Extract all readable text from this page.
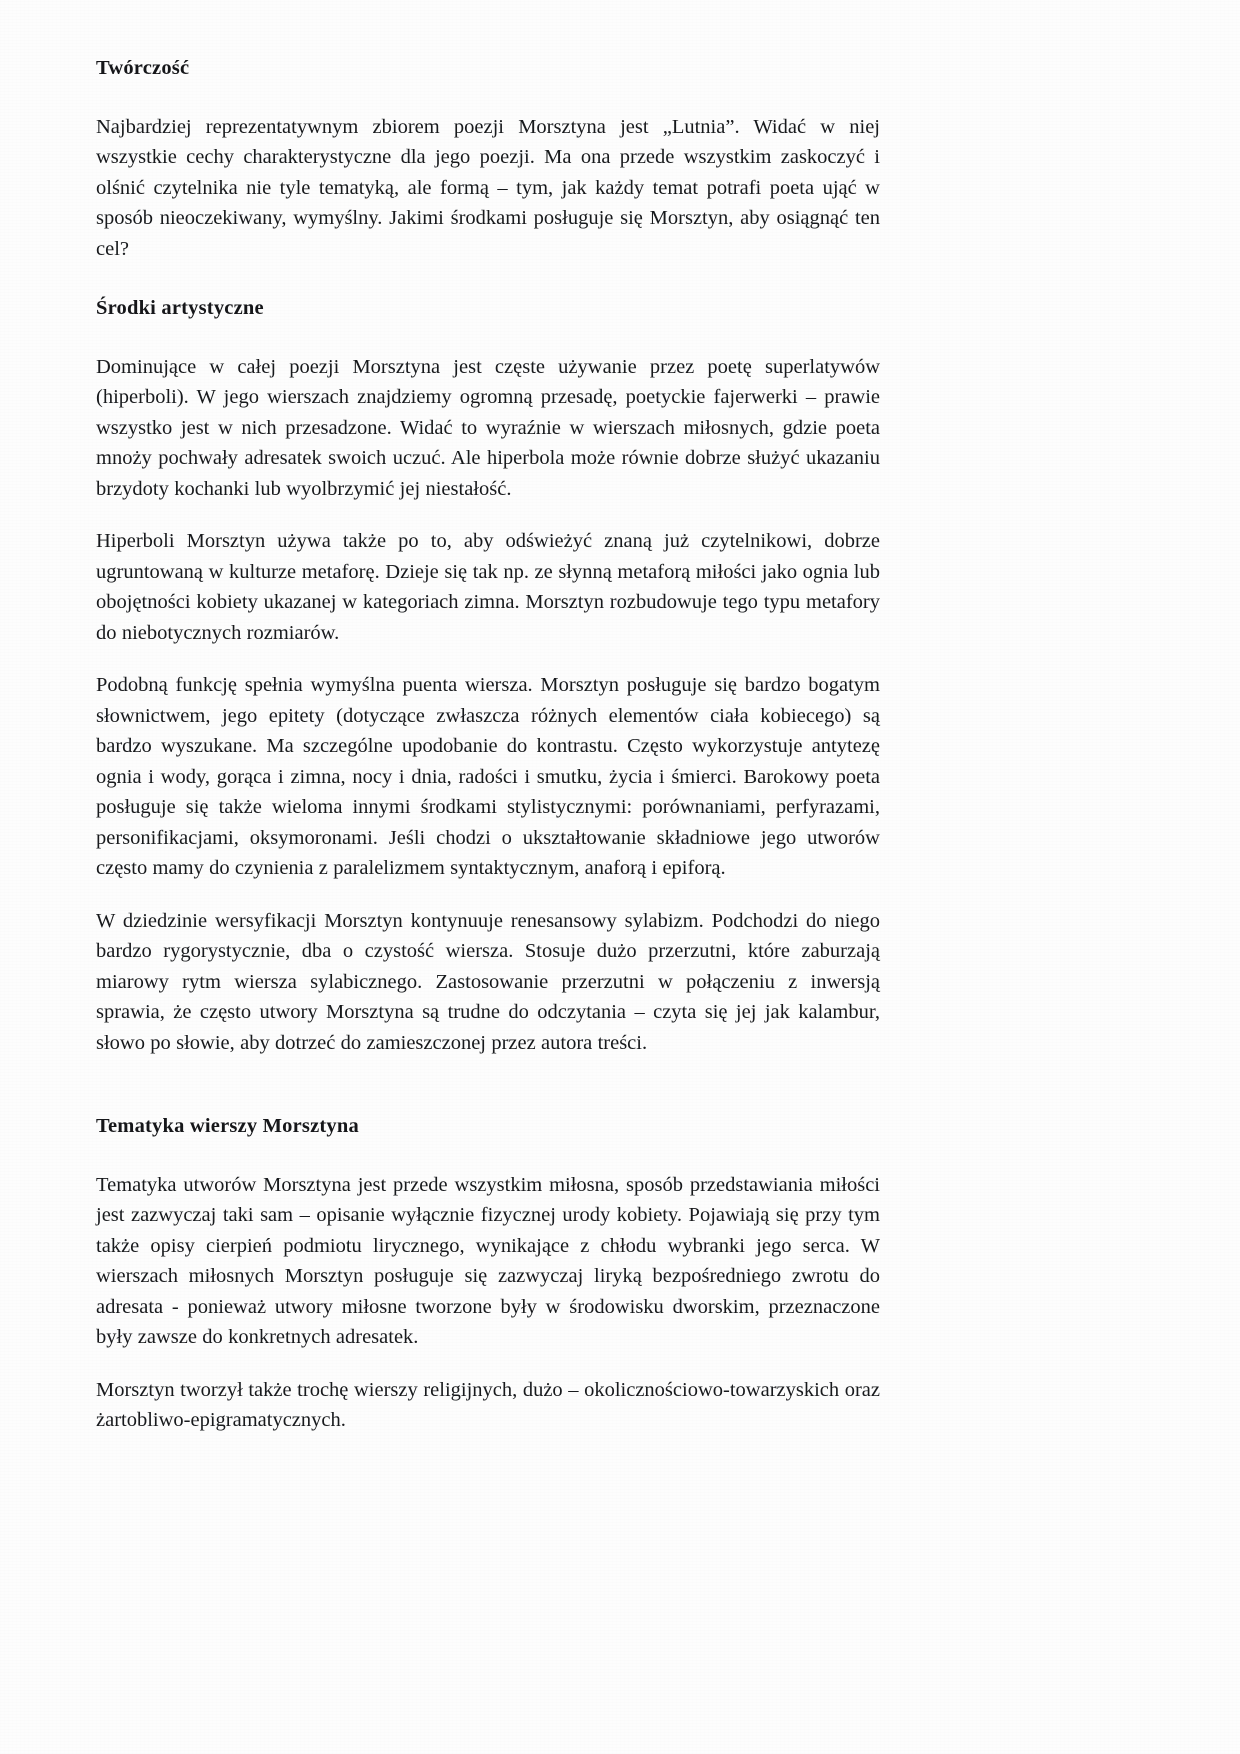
Twórczość

Najbardziej reprezentatywnym zbiorem poezji Morsztyna jest „Lutnia”. Widać w niej wszystkie cechy charakterystyczne dla jego poezji. Ma ona przede wszystkim zaskoczyć i olśnić czytelnika nie tyle tematyką, ale formą – tym, jak każdy temat potrafi poeta ująć w sposób nieoczekiwany, wymyślny. Jakimi środkami posługuje się Morsztyn, aby osiągnąć ten cel?

Środki artystyczne

Dominujące w całej poezji Morsztyna jest częste używanie przez poetę superlatywów (hiperboli). W jego wierszach znajdziemy ogromną przesadę, poetyckie fajerwerki – prawie wszystko jest w nich przesadzone. Widać to wyraźnie w wierszach miłosnych, gdzie poeta mnoży pochwały adresatek swoich uczuć. Ale hiperbola może równie dobrze służyć ukazaniu brzydoty kochanki lub wyolbrzymić jej niestałość.

Hiperboli Morsztyn używa także po to, aby odświeżyć znaną już czytelnikowi, dobrze ugruntowaną w kulturze metaforę. Dzieje się tak np. ze słynną metaforą miłości jako ognia lub obojętności kobiety ukazanej w kategoriach zimna. Morsztyn rozbudowuje tego typu metafory do niebotycznych rozmiarów.

Podobną funkcję spełnia wymyślna puenta wiersza. Morsztyn posługuje się bardzo bogatym słownictwem, jego epitety (dotyczące zwłaszcza różnych elementów ciała kobiecego) są bardzo wyszukane. Ma szczególne upodobanie do kontrastu. Często wykorzystuje antytezę ognia i wody, gorąca i zimna, nocy i dnia, radości i smutku, życia i śmierci. Barokowy poeta posługuje się także wieloma innymi środkami stylistycznymi: porównaniami, perfyrazami, personifikacjami, oksymoronami. Jeśli chodzi o ukształtowanie składniowe jego utworów często mamy do czynienia z paralelizmem syntaktycznym, anaforą i epiforą.

W dziedzinie wersyfikacji Morsztyn kontynuuje renesansowy sylabizm. Podchodzi do niego bardzo rygorystycznie, dba o czystość wiersza. Stosuje dużo przerzutni, które zaburzają miarowy rytm wiersza sylabicznego. Zastosowanie przerzutni w połączeniu z inwersją sprawia, że często utwory Morsztyna są trudne do odczytania – czyta się jej jak kalambur, słowo po słowie, aby dotrzeć do zamieszczonej przez autora treści.

Tematyka wierszy Morsztyna

Tematyka utworów Morsztyna jest przede wszystkim miłosna, sposób przedstawiania miłości jest zazwyczaj taki sam – opisanie wyłącznie fizycznej urody kobiety. Pojawiają się przy tym także opisy cierpień podmiotu lirycznego, wynikające z chłodu wybranki jego serca. W wierszach miłosnych Morsztyn posługuje się zazwyczaj liryką bezpośredniego zwrotu do adresata - ponieważ utwory miłosne tworzone były w środowisku dworskim, przeznaczone były zawsze do konkretnych adresatek.

Morsztyn tworzył także trochę wierszy religijnych, dużo – okolicznościowo-towarzyskich oraz żartobliwo-epigramatycznych.
